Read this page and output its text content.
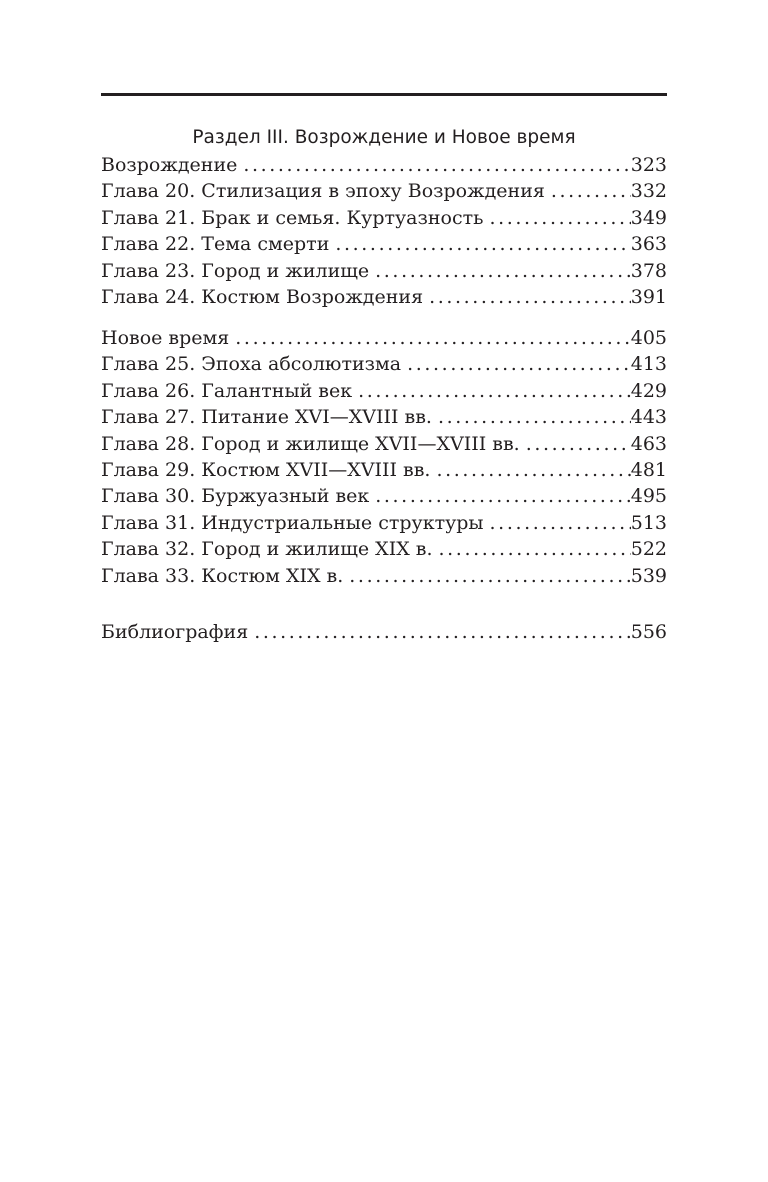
Раздел III. Возрождение и Новое время
Возрождение .....	323
Глава 20. Стилизация в эпоху Возрождения .....	332
Глава 21. Брак и семья. Куртуазность .....	349
Глава 22. Тема смерти .....	363
Глава 23. Город и жилище .....	378
Глава 24. Костюм Возрождения .....	391
Новое время .....	405
Глава 25. Эпоха абсолютизма .....	413
Глава 26. Галантный век .....	429
Глава 27. Питание XVI—XVIII вв. .....	443
Глава 28. Город и жилище XVII—XVIII вв. .....	463
Глава 29. Костюм XVII—XVIII вв. .....	481
Глава 30. Буржуазный век .....	495
Глава 31. Индустриальные структуры .....	513
Глава 32. Город и жилище XIX в. .....	522
Глава 33. Костюм XIX в. .....	539
Библиография .....	556
